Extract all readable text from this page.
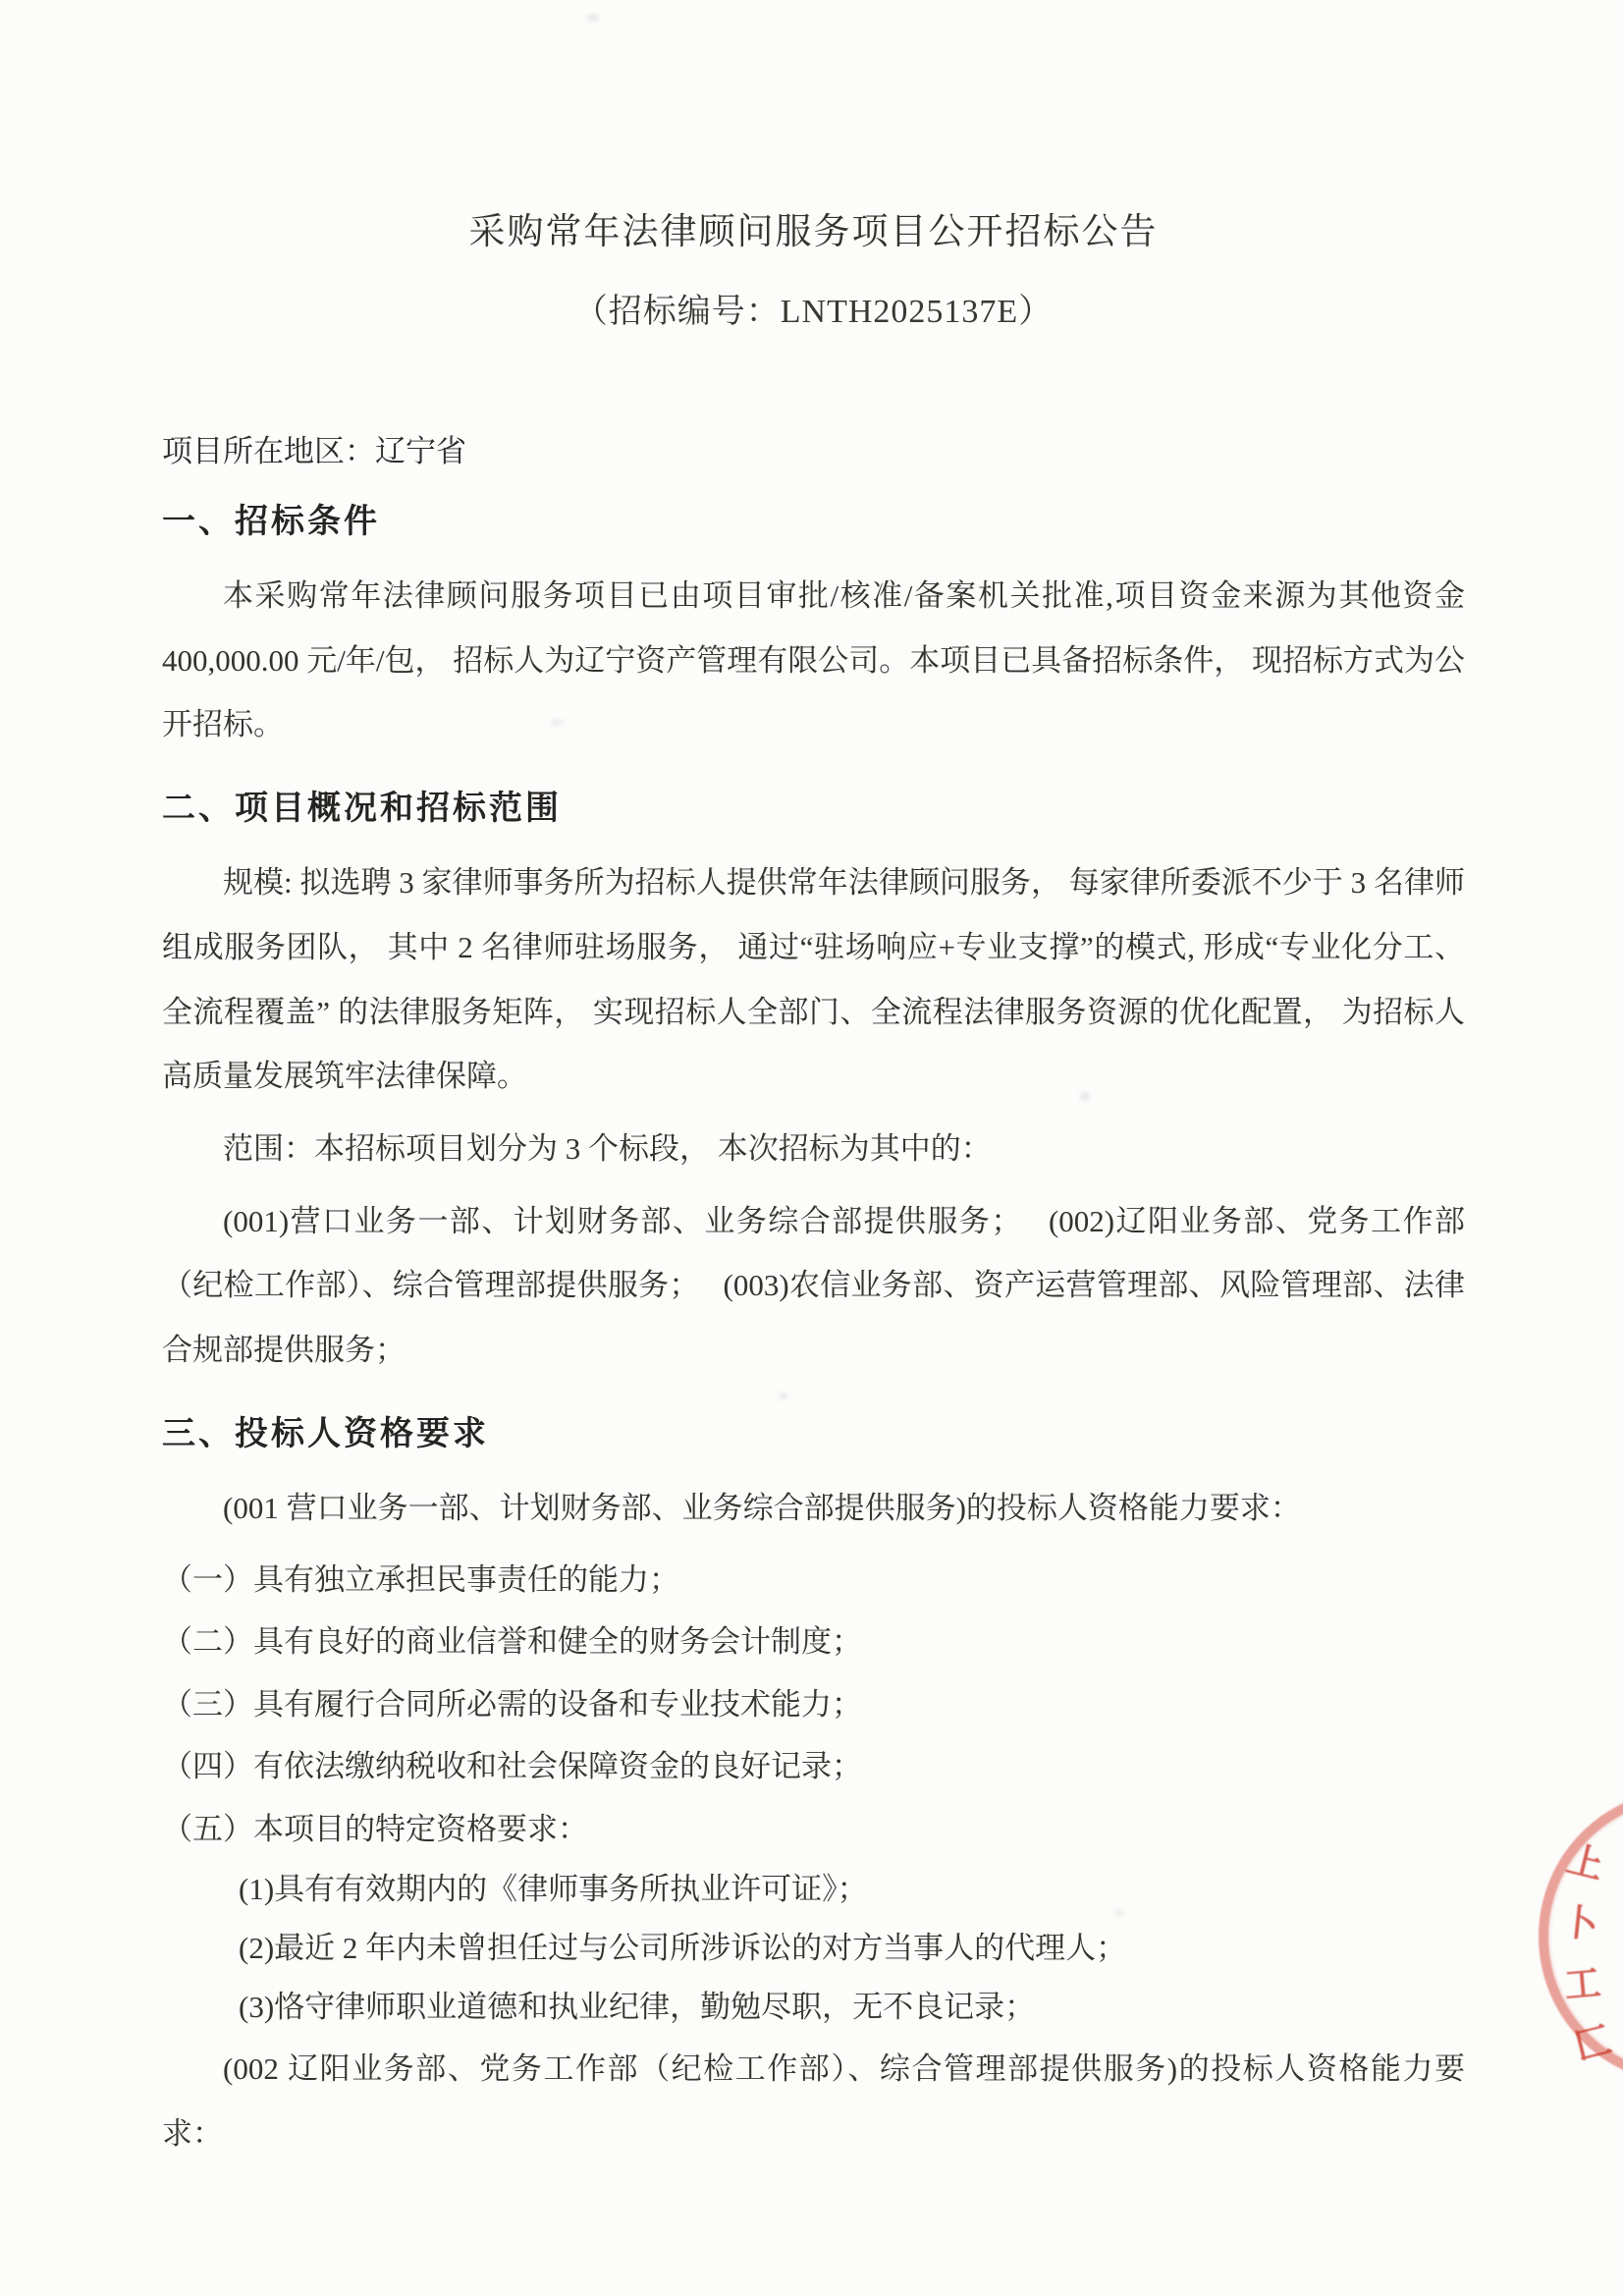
采购常年法律顾问服务项目公开招标公告
（招标编号：LNTH2025137E）

项目所在地区：辽宁省

一、招标条件

本采购常年法律顾问服务项目已由项目审批/核准/备案机关批准,项目资金来源为其他资金 400,000.00 元/年/包， 招标人为辽宁资产管理有限公司。本项目已具备招标条件， 现招标方式为公开招标。

二、项目概况和招标范围

规模: 拟选聘 3 家律师事务所为招标人提供常年法律顾问服务， 每家律所委派不少于 3 名律师组成服务团队， 其中 2 名律师驻场服务， 通过“驻场响应+专业支撑”的模式, 形成“专业化分工、全流程覆盖” 的法律服务矩阵， 实现招标人全部门、全流程法律服务资源的优化配置， 为招标人高质量发展筑牢法律保障。

范围：本招标项目划分为 3 个标段， 本次招标为其中的：

(001)营口业务一部、计划财务部、业务综合部提供服务；　 (002)辽阳业务部、党务工作部（纪检工作部）、综合管理部提供服务；　 (003)农信业务部、资产运营管理部、风险管理部、法律合规部提供服务；

三、投标人资格要求

(001 营口业务一部、计划财务部、业务综合部提供服务)的投标人资格能力要求：

（一）具有独立承担民事责任的能力；

（二）具有良好的商业信誉和健全的财务会计制度；

（三）具有履行合同所必需的设备和专业技术能力；

（四）有依法缴纳税收和社会保障资金的良好记录；

（五）本项目的特定资格要求：

(1)具有有效期内的《律师事务所执业许可证》；

(2)最近 2 年内未曾担任过与公司所涉诉讼的对方当事人的代理人；

(3)恪守律师职业道德和执业纪律，勤勉尽职，无不良记录；

(002 辽阳业务部、党务工作部（纪检工作部）、综合管理部提供服务)的投标人资格能力要求：

上
卜
工
匚
